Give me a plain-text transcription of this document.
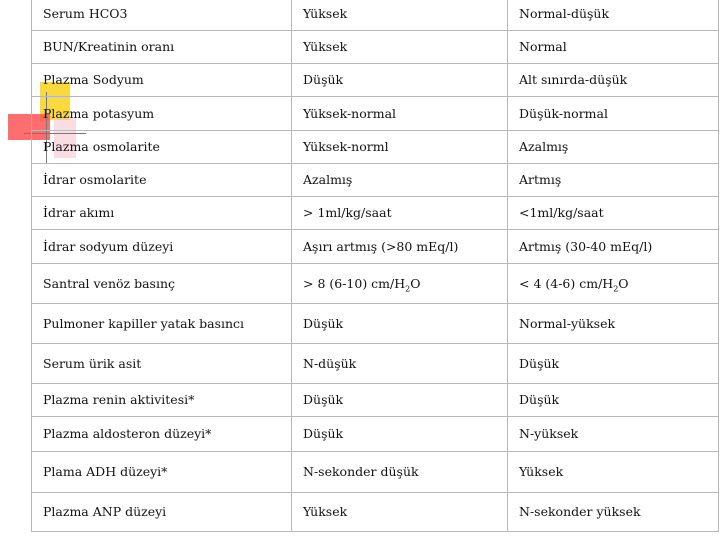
Serum HCO3	Yüksek	Normal-düşük
BUN/Kreatinin oranı	Yüksek	Normal
Plazma Sodyum	Düşük	Alt sınırda-düşük
Plazma potasyum	Yüksek-normal	Düşük-normal
Plazma osmolarite	Yüksek-norml	Azalmış
İdrar osmolarite	Azalmış	Artmış
İdrar akımı	> 1ml/kg/saat	<1ml/kg/saat
İdrar sodyum düzeyi	Aşırı artmış (>80 mEq/l)	Artmış (30-40 mEq/l)
Santral venöz basınç	> 8 (6-10) $cm/H_2O$	< 4 (4-6) $cm/H_2O$
Pulmoner kapiller yatak basıncı	Düşük	Normal-yüksek
Serum ürik asit	N-düşük	Düşük
Plazma renin aktivitesi*	Düşük	Düşük
Plazma aldosteron düzeyi*	Düşük	N-yüksek
Plama ADH düzeyi*	N-sekonder düşük	Yüksek
Plazma ANP düzeyi	Yüksek	N-sekonder yüksek
